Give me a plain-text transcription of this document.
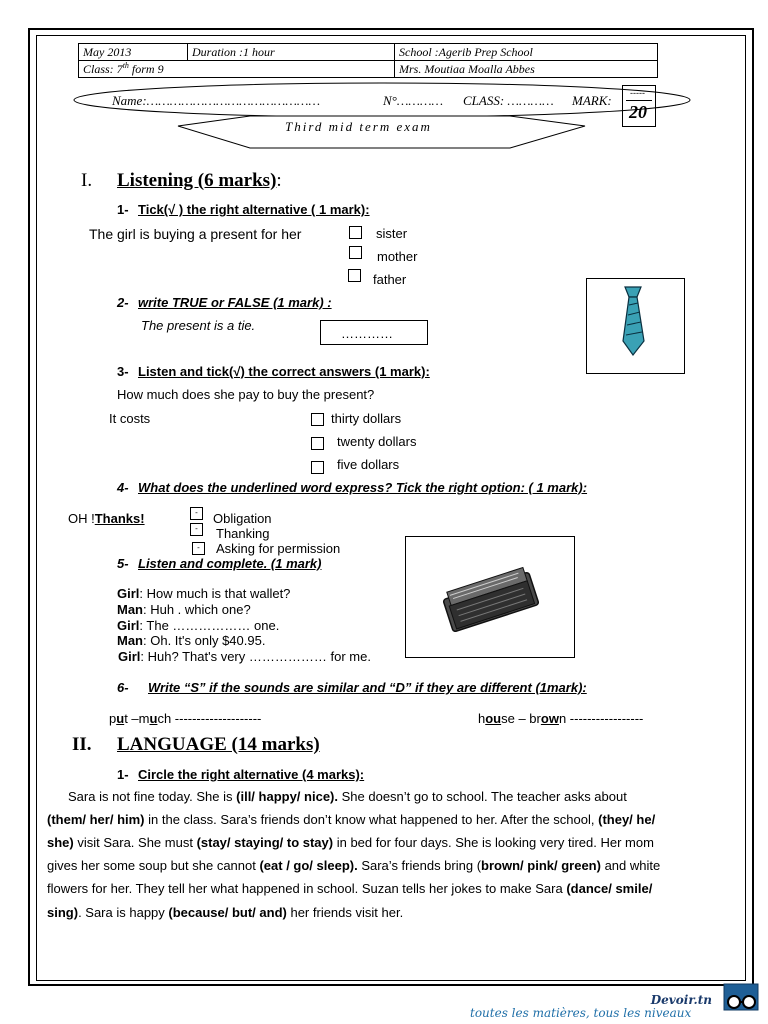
May 2013	Duration :1 hour	School :Agerib Prep School
Class: 7th form 9		Mrs. Moutiaa Moalla Abbes
Name:………………………………………	N°………… CLASS: ………… MARK: -----
20
Third mid term exam
I. Listening (6 marks):
1- Tick(√ ) the right alternative ( 1 mark):
The girl is buying a present for her	sister
mother
father
2- write TRUE or FALSE (1 mark) :
The present is a tie.
…………
3- Listen and tick(√) the correct answers (1 mark):
How much does she pay to buy the present?
It costs	thirty dollars
twenty dollars
five dollars
4- What does the underlined word express? Tick the right option: ( 1 mark):
OH !Thanks!	-	Obligation
-	Thanking
-	Asking for permission
5- Listen and complete. (1 mark)
Girl: How much is that wallet?
Man: Huh . which one?
Girl: The ……………… one.
Man: Oh. It's only $40.95.
Girl: Huh? That's very ……………… for me.
6- Write “S” if the sounds are similar and “D” if they are different (1mark):
put –much --------------------	house – brown -----------------
II. LANGUAGE (14 marks)
1- Circle the right alternative (4 marks):
Sara is not fine today. She is (ill/ happy/ nice). She doesn’t go to school. The teacher asks about
(them/ her/ him) in the class. Sara’s friends don’t know what happened to her. After the school, (they/ he/
she) visit Sara. She must (stay/ staying/ to stay) in bed for four days. She is looking very tired. Her mom
gives her some soup but she cannot (eat / go/ sleep). Sara’s friends bring (brown/ pink/ green) and white
flowers for her. They tell her what happened in school. Suzan tells her jokes to make Sara (dance/ smile/
sing). Sara is happy (because/ but/ and) her friends visit her.
Devoir.tn
toutes les matières, tous les niveaux
